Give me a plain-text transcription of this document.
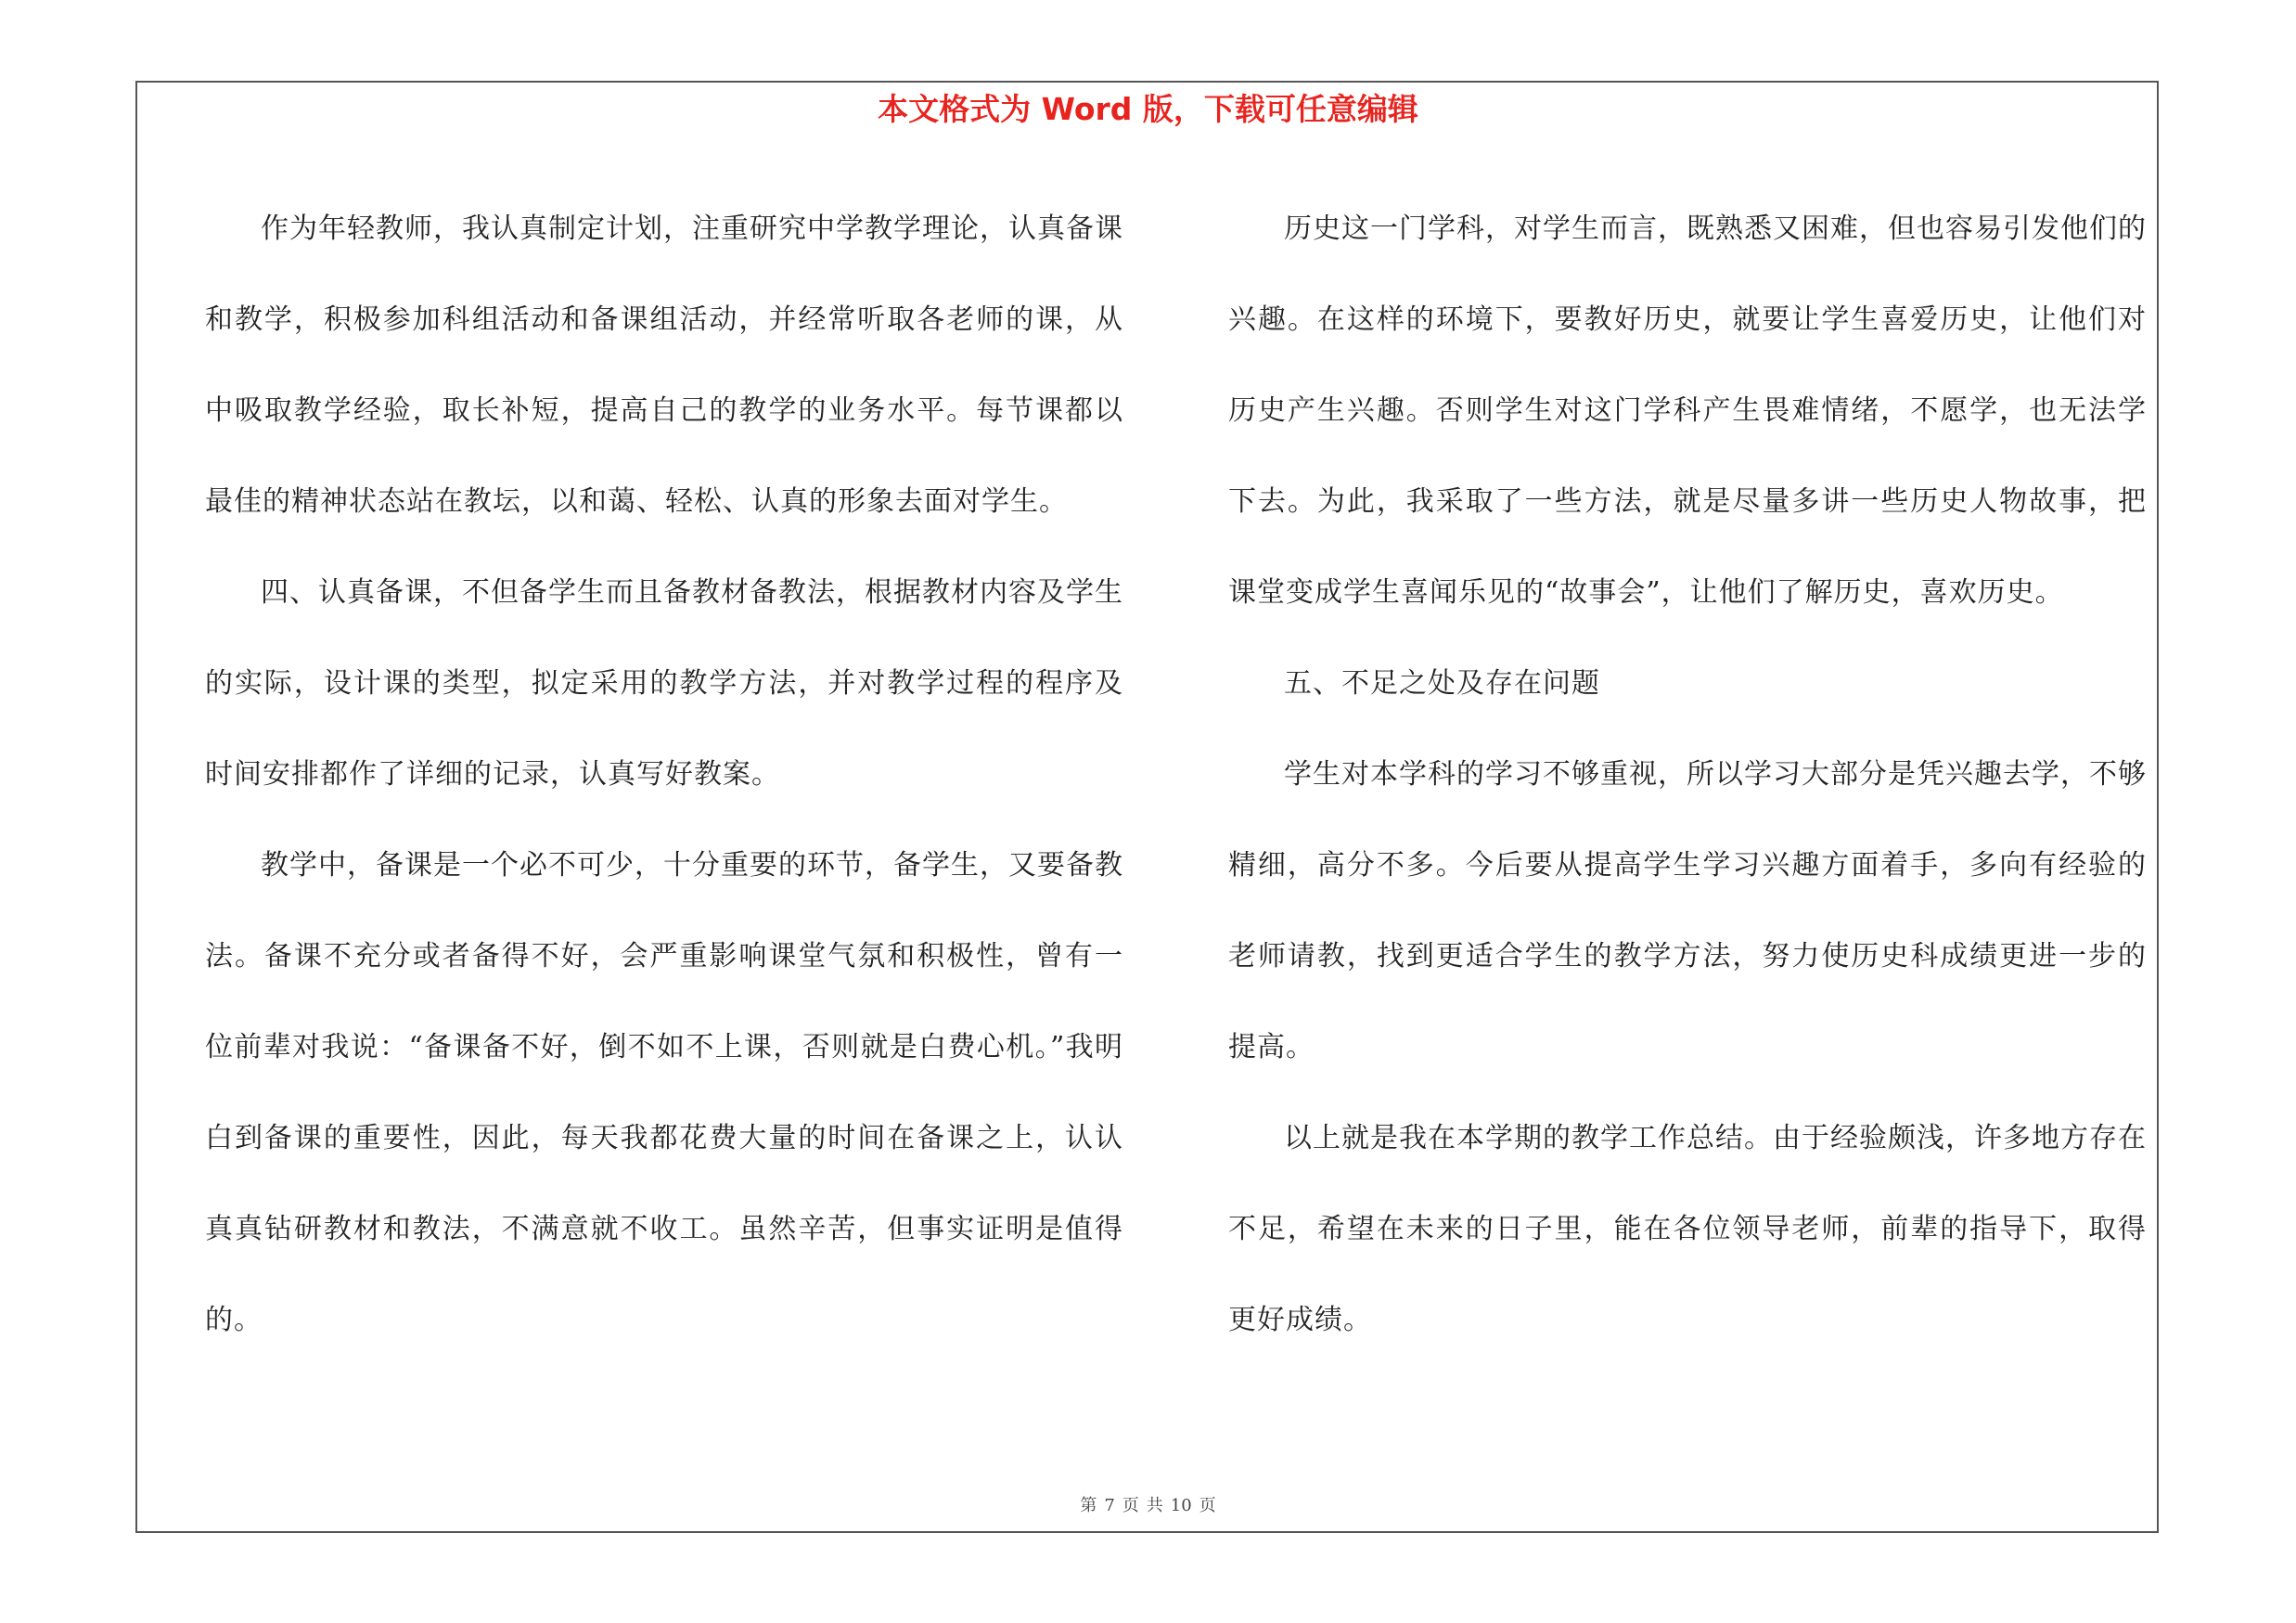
本文格式为 Word 版，下载可任意编辑

作为年轻教师，我认真制定计划，注重研究中学教学理论，认真备课和教学，积极参加科组活动和备课组活动，并经常听取各老师的课，从中吸取教学经验，取长补短，提高自己的教学的业务水平。每节课都以最佳的精神状态站在教坛，以和蔼、轻松、认真的形象去面对学生。

四、认真备课，不但备学生而且备教材备教法，根据教材内容及学生的实际，设计课的类型，拟定采用的教学方法，并对教学过程的程序及时间安排都作了详细的记录，认真写好教案。

教学中，备课是一个必不可少，十分重要的环节，备学生，又要备教法。备课不充分或者备得不好，会严重影响课堂气氛和积极性，曾有一位前辈对我说：“备课备不好，倒不如不上课，否则就是白费心机。”我明白到备课的重要性，因此，每天我都花费大量的时间在备课之上，认认真真钻研教材和教法，不满意就不收工。虽然辛苦，但事实证明是值得的。

历史这一门学科，对学生而言，既熟悉又困难，但也容易引发他们的兴趣。在这样的环境下，要教好历史，就要让学生喜爱历史，让他们对历史产生兴趣。否则学生对这门学科产生畏难情绪，不愿学，也无法学下去。为此，我采取了一些方法，就是尽量多讲一些历史人物故事，把课堂变成学生喜闻乐见的“故事会”，让他们了解历史，喜欢历史。

五、不足之处及存在问题

学生对本学科的学习不够重视，所以学习大部分是凭兴趣去学，不够精细，高分不多。今后要从提高学生学习兴趣方面着手，多向有经验的老师请教，找到更适合学生的教学方法，努力使历史科成绩更进一步的提高。

以上就是我在本学期的教学工作总结。由于经验颇浅，许多地方存在不足，希望在未来的日子里，能在各位领导老师，前辈的指导下，取得更好成绩。

第 7 页 共 10 页
